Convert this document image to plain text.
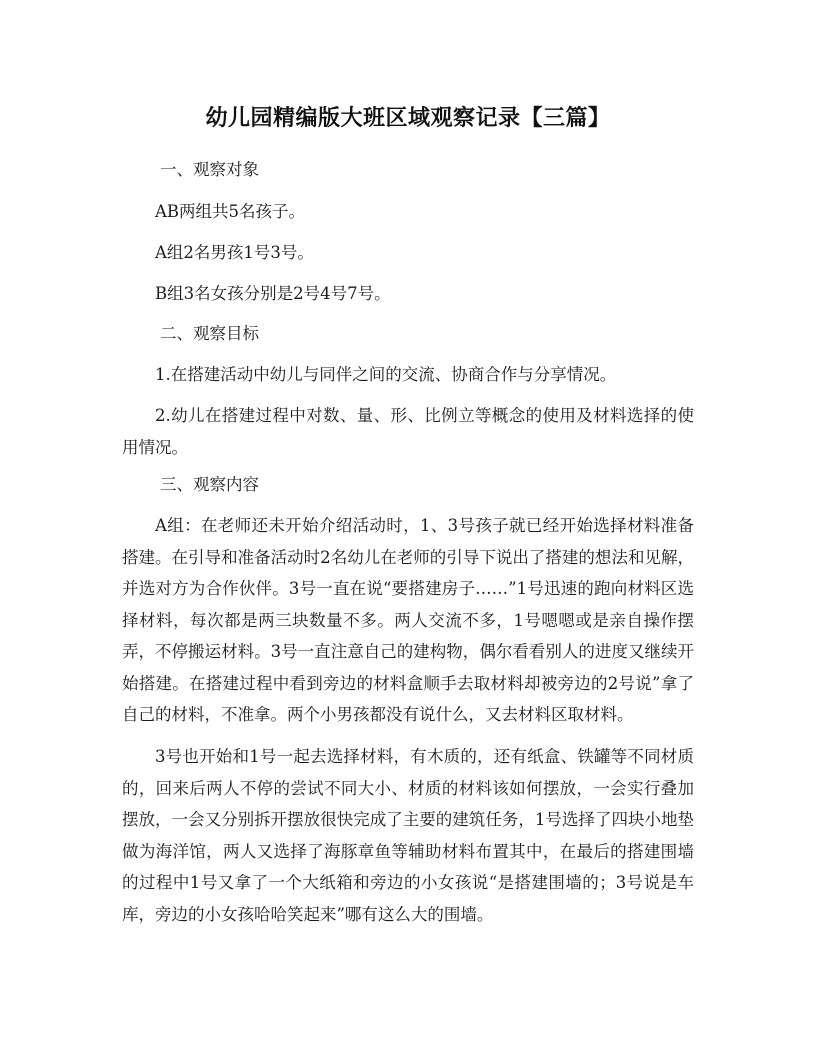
幼儿园精编版大班区域观察记录【三篇】

一、观察对象

AB两组共5名孩子。

A组2名男孩1号3号。

B组3名女孩分别是2号4号7号。

二、观察目标

1.在搭建活动中幼儿与同伴之间的交流、协商合作与分享情况。

2.幼儿在搭建过程中对数、量、形、比例立等概念的使用及材料选择的使用情况。

三、观察内容

A组：在老师还未开始介绍活动时，1、3号孩子就已经开始选择材料准备搭建。在引导和准备活动时2名幼儿在老师的引导下说出了搭建的想法和见解，并选对方为合作伙伴。3号一直在说“要搭建房子……”1号迅速的跑向材料区选择材料，每次都是两三块数量不多。两人交流不多，1号嗯嗯或是亲自操作摆弄，不停搬运材料。3号一直注意自己的建构物，偶尔看看别人的进度又继续开始搭建。在搭建过程中看到旁边的材料盒顺手去取材料却被旁边的2号说”拿了自己的材料，不准拿。两个小男孩都没有说什么，又去材料区取材料。

3号也开始和1号一起去选择材料，有木质的，还有纸盒、铁罐等不同材质的，回来后两人不停的尝试不同大小、材质的材料该如何摆放，一会实行叠加摆放，一会又分别拆开摆放很快完成了主要的建筑任务，1号选择了四块小地垫做为海洋馆，两人又选择了海豚章鱼等辅助材料布置其中，在最后的搭建围墙的过程中1号又拿了一个大纸箱和旁边的小女孩说“是搭建围墙的；3号说是车库，旁边的小女孩哈哈笑起来”哪有这么大的围墙。
